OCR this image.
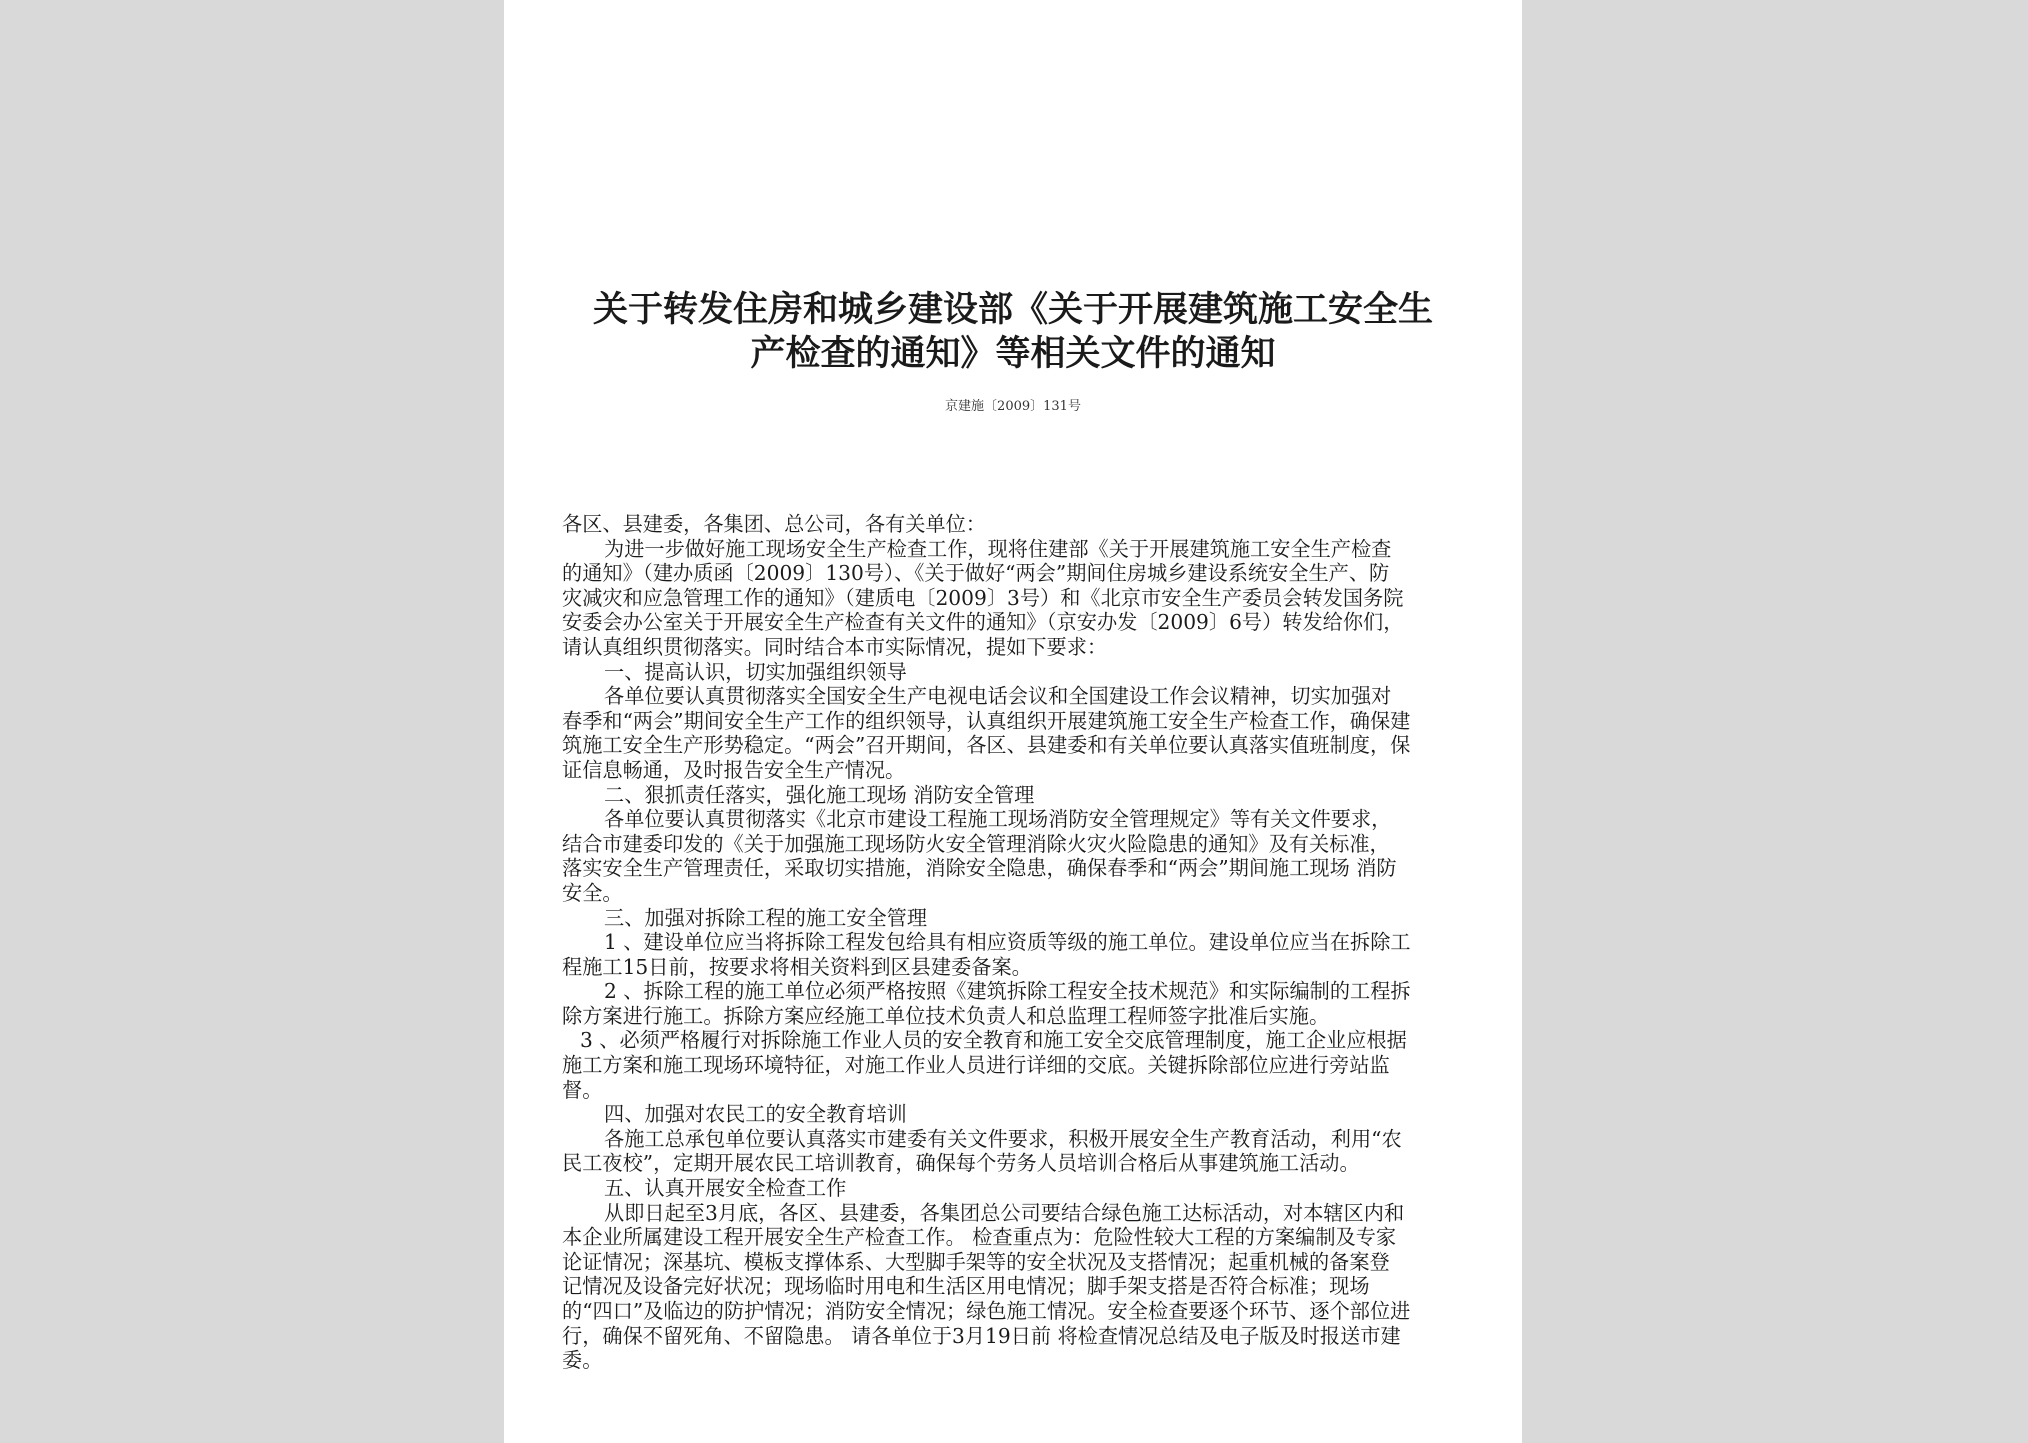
关于转发住房和城乡建设部《关于开展建筑施工安全生
产检查的通知》等相关文件的通知
京建施〔2009〕131号
各区、县建委，各集团、总公司，各有关单位：
为进一步做好施工现场安全生产检查工作，现将住建部《关于开展建筑施工安全生产检查
的通知》（建办质函〔2009〕130号）、《关于做好“两会”期间住房城乡建设系统安全生产、防
灾减灾和应急管理工作的通知》（建质电〔2009〕3号）和《北京市安全生产委员会转发国务院
安委会办公室关于开展安全生产检查有关文件的通知》（京安办发〔2009〕6号）转发给你们，
请认真组织贯彻落实。同时结合本市实际情况，提如下要求：
一、提高认识，切实加强组织领导
各单位要认真贯彻落实全国安全生产电视电话会议和全国建设工作会议精神，切实加强对
春季和“两会”期间安全生产工作的组织领导，认真组织开展建筑施工安全生产检查工作，确保建
筑施工安全生产形势稳定。“两会”召开期间，各区、县建委和有关单位要认真落实值班制度，保
证信息畅通，及时报告安全生产情况。
二、狠抓责任落实，强化施工现场 消防安全管理
各单位要认真贯彻落实《北京市建设工程施工现场消防安全管理规定》等有关文件要求，
结合市建委印发的《关于加强施工现场防火安全管理消除火灾火险隐患的通知》及有关标准，
落实安全生产管理责任，采取切实措施，消除安全隐患，确保春季和“两会”期间施工现场 消防
安全。
三、加强对拆除工程的施工安全管理
1 、建设单位应当将拆除工程发包给具有相应资质等级的施工单位。建设单位应当在拆除工
程施工15日前，按要求将相关资料到区县建委备案。
2 、拆除工程的施工单位必须严格按照《建筑拆除工程安全技术规范》和实际编制的工程拆
除方案进行施工。拆除方案应经施工单位技术负责人和总监理工程师签字批准后实施。
3 、必须严格履行对拆除施工作业人员的安全教育和施工安全交底管理制度，施工企业应根据
施工方案和施工现场环境特征，对施工作业人员进行详细的交底。关键拆除部位应进行旁站监
督。
四、加强对农民工的安全教育培训
各施工总承包单位要认真落实市建委有关文件要求，积极开展安全生产教育活动，利用“农
民工夜校”，定期开展农民工培训教育，确保每个劳务人员培训合格后从事建筑施工活动。
五、认真开展安全检查工作
从即日起至3月底，各区、县建委，各集团总公司要结合绿色施工达标活动，对本辖区内和
本企业所属建设工程开展安全生产检查工作。 检查重点为：危险性较大工程的方案编制及专家
论证情况；深基坑、模板支撑体系、大型脚手架等的安全状况及支搭情况；起重机械的备案登
记情况及设备完好状况；现场临时用电和生活区用电情况；脚手架支搭是否符合标准；现场
的“四口”及临边的防护情况；消防安全情况；绿色施工情况。安全检查要逐个环节、逐个部位进
行，确保不留死角、不留隐患。 请各单位于3月19日前 将检查情况总结及电子版及时报送市建
委。
